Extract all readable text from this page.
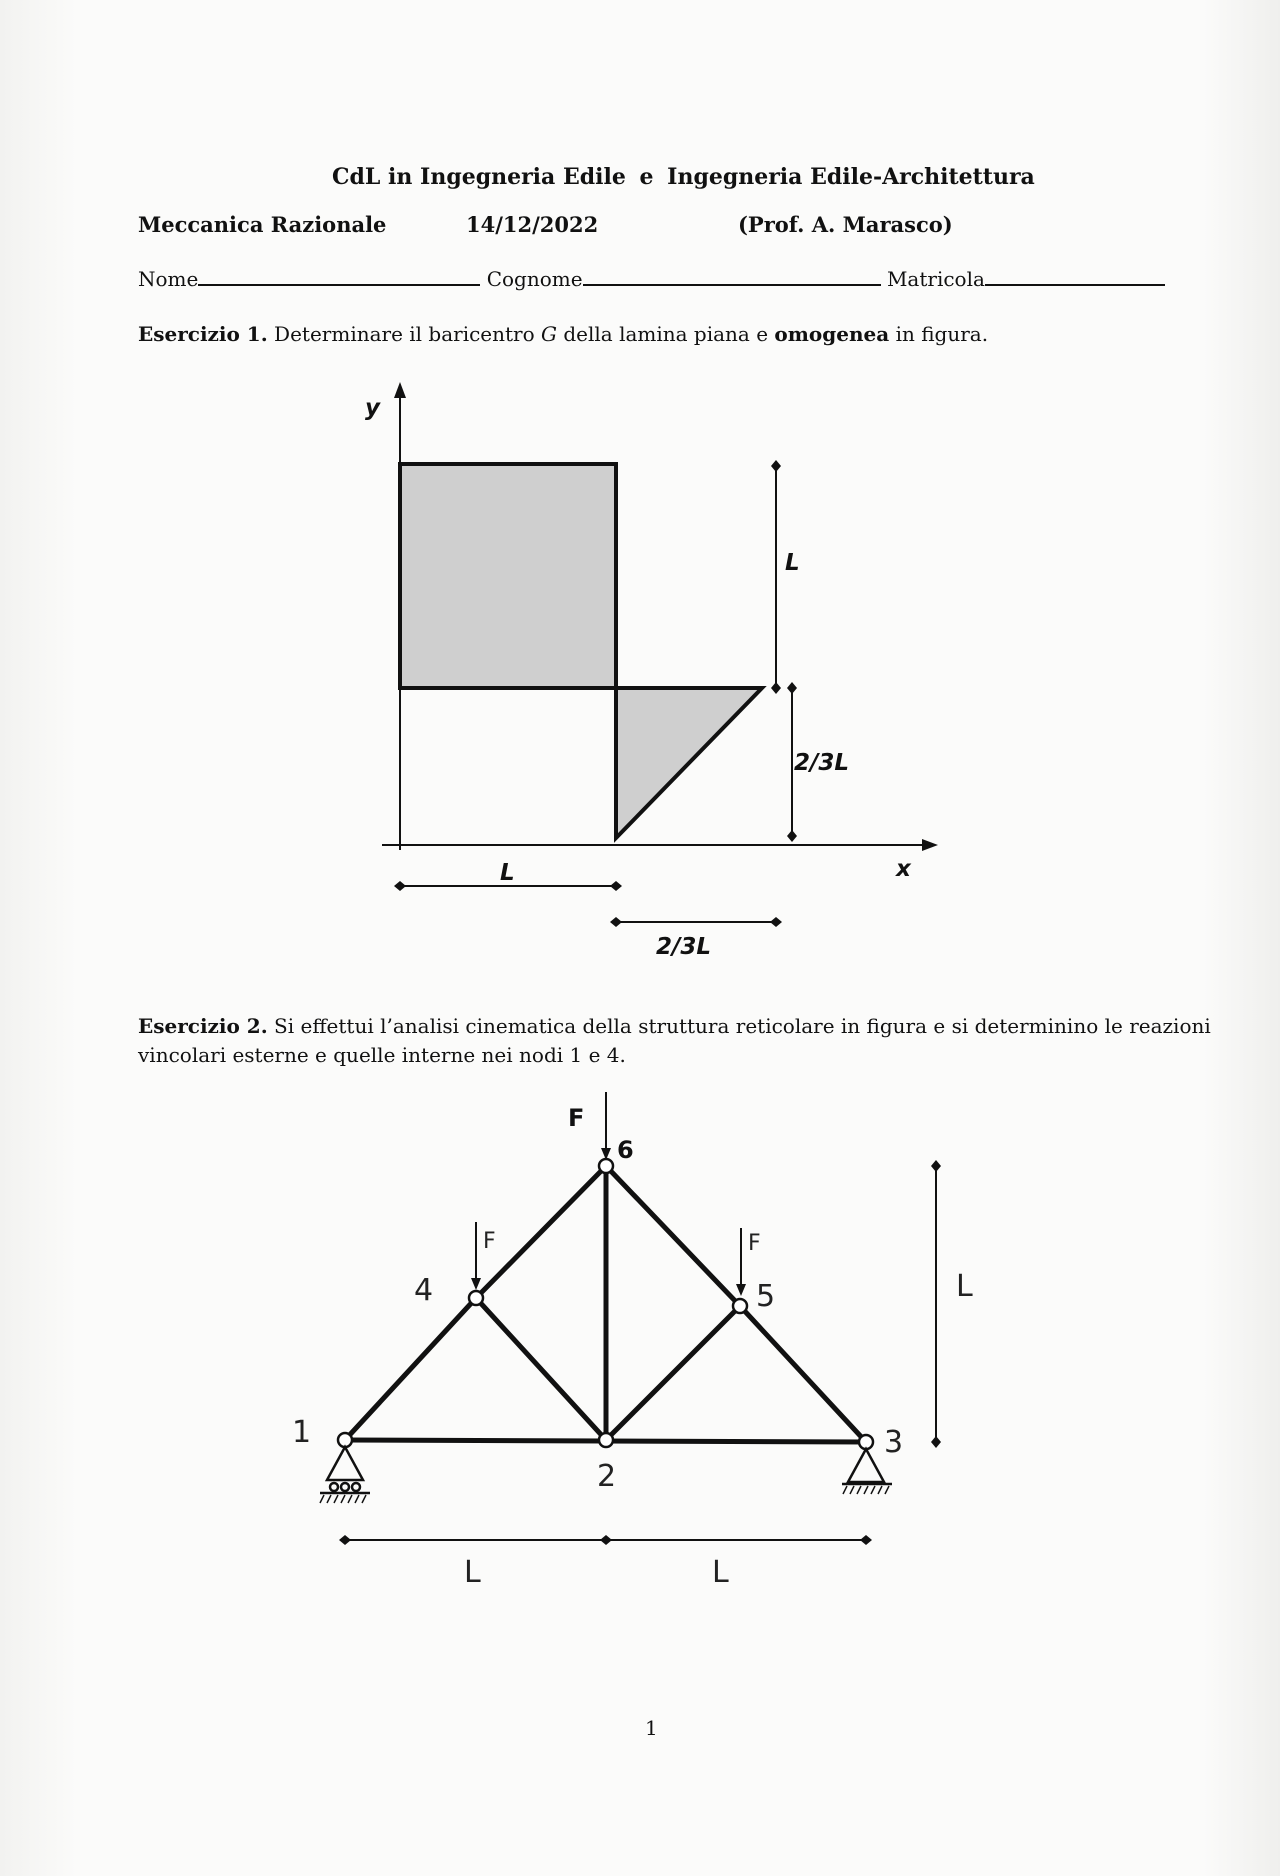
CdL in Ingegneria Edile e Ingegneria Edile-Architettura
Meccanica Razionale	14/12/2022	(Prof. A. Marasco)
Nome	Cognome	Matricola
Esercizio 1. Determinare il baricentro G della lamina piana e omogenea in figura.
y
x
L
2/3L
L
2/3L
Esercizio 2. Si effettui l’analisi cinematica della struttura reticolare in figura e si determinino le reazioni
vincolari esterne e quelle interne nei nodi 1 e 4.
F
6
F
4
F
5
1
2
3
L
L	L
1
